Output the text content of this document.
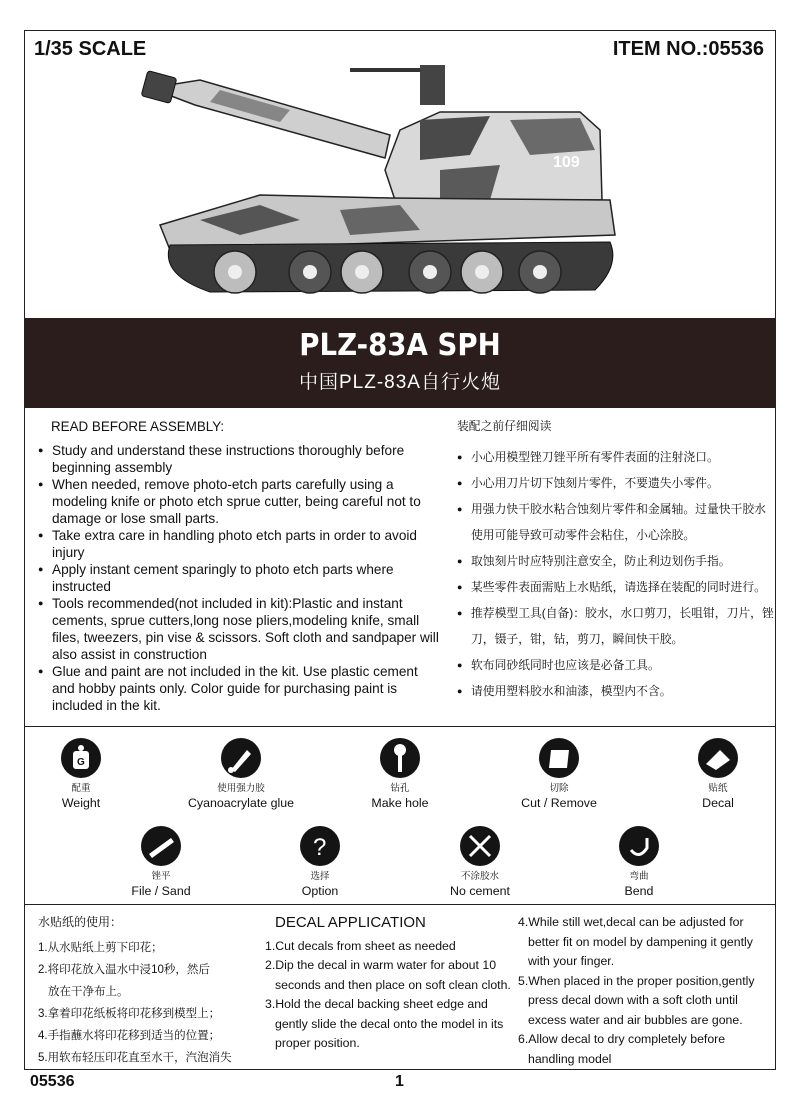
1/35 SCALE	ITEM NO.:05536
109
PLZ-83A SPH
中国PLZ-83A自行火炮
READ BEFORE ASSEMBLY:
● Study and understand these instructions thoroughly before beginning assembly
● When needed, remove photo-etch parts carefully using a modeling knife or photo etch sprue cutter, being careful not to damage or lose small parts.
● Take extra care in handling photo etch parts in order to avoid injury
● Apply instant cement sparingly to photo etch parts where instructed
● Tools recommended(not included in kit):Plastic and instant cements, sprue cutters,long nose pliers,modeling knife, small files, tweezers, pin vise & scissors. Soft cloth and sandpaper will also assist in construction
● Glue and paint are not included in the kit. Use plastic cement and hobby paints only. Color guide for purchasing paint is included in the kit.
装配之前仔细阅读
● 小心用模型锉刀锉平所有零件表面的注射浇口。
● 小心用刀片切下蚀刻片零件，不要遗失小零件。
● 用强力快干胶水粘合蚀刻片零件和金属轴。过量快干胶水使用可能导致可动零件会粘住，小心涂胶。
● 取蚀刻片时应特别注意安全，防止利边划伤手指。
● 某些零件表面需贴上水贴纸，请选择在装配的同时进行。
● 推荐模型工具(自备)：胶水，水口剪刀，长咀钳，刀片，锉刀，镊子，钳，钻，剪刀，瞬间快干胶。
● 软布同砂纸同时也应该是必备工具。
● 请使用塑料胶水和油漆，模型内不含。
G
配重
Weight
使用强力胶
Cyanoacrylate glue
钻孔
Make hole
切除
Cut / Remove
贴纸
Decal
锉平
File / Sand
?
选择
Option
不涂胶水
No cement
弯曲
Bend
水贴纸的使用：
1.从水贴纸上剪下印花；
2.将印花放入温水中浸10秒，然后
放在干净布上。
3.拿着印花纸板将印花移到模型上；
4.手指蘸水将印花移到适当的位置；
5.用软布轻压印花直至水干，汽泡消失
DECAL APPLICATION
1.Cut decals from sheet as needed
2.Dip the decal in warm water for about 10
seconds and then place on soft clean cloth.
3.Hold the decal backing sheet edge and
gently slide the decal onto the model in its
proper position.
4.While still wet,decal can be adjusted for
better fit on model by dampening it gently
with your finger.
5.When placed in the proper position,gently
press decal down with a soft cloth until
excess water and air bubbles are gone.
6.Allow decal to dry completely before
handling model
05536	1
